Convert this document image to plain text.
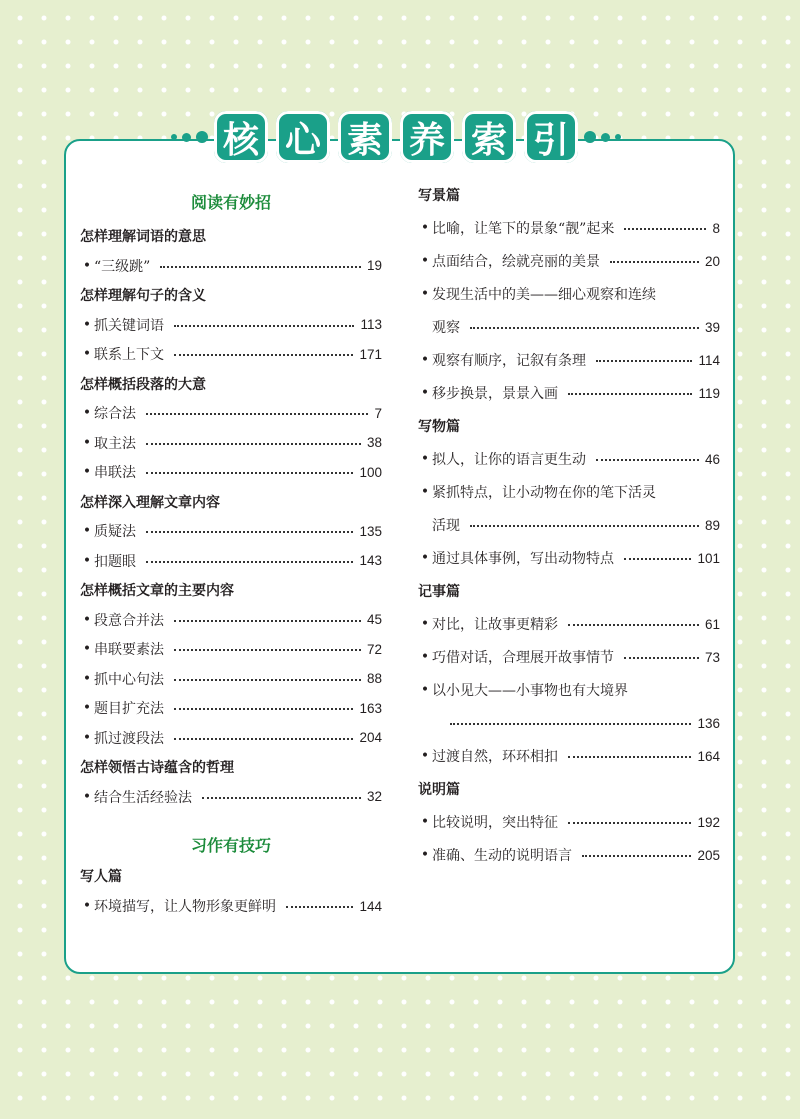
核 心 素 养 索 引
阅读有妙招
怎样理解词语的意思
• “三级跳”	19
怎样理解句子的含义
• 抓关键词语	113
• 联系上下文	171
怎样概括段落的大意
• 综合法	7
• 取主法	38
• 串联法	100
怎样深入理解文章内容
• 质疑法	135
• 扣题眼	143
怎样概括文章的主要内容
• 段意合并法	45
• 串联要素法	72
• 抓中心句法	88
• 题目扩充法	163
• 抓过渡段法	204
怎样领悟古诗蕴含的哲理
• 结合生活经验法	32
习作有技巧
写人篇
• 环境描写，让人物形象更鲜明	144
写景篇
• 比喻，让笔下的景象“靓”起来	8
• 点面结合，绘就亮丽的美景	20
• 发现生活中的美——细心观察和连续
观察	39
• 观察有顺序，记叙有条理	114
• 移步换景，景景入画	119
写物篇
• 拟人，让你的语言更生动	46
• 紧抓特点，让小动物在你的笔下活灵
活现	89
• 通过具体事例，写出动物特点	101
记事篇
• 对比，让故事更精彩	61
• 巧借对话，合理展开故事情节	73
• 以小见大——小事物也有大境界
136
• 过渡自然，环环相扣	164
说明篇
• 比较说明，突出特征	192
• 准确、生动的说明语言	205
